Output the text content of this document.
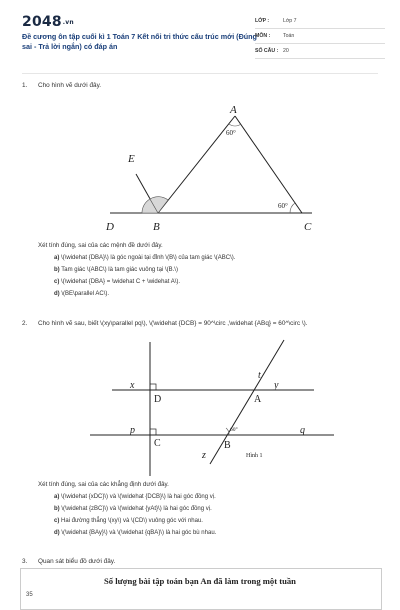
$2048^{.vn}$
Đề cương ôn tập cuối kì 1 Toán 7 Kết nối tri thức cấu trúc mới (Đúng sai - Trả lời ngắn) có đáp án
LỚP :	Lớp 7
MÔN :	Toán
SỐ CÂU : 20
1. Cho hình vẽ dưới đây.
A
E
D	B	C
60°
60°
Xét tính đúng, sai của các mệnh đề dưới đây.
a) \(\widehat {DBA}\) là góc ngoài tại đỉnh \(B\) của tam giác \(ABC\).
b) Tam giác \(ABC\) là tam giác vuông tại \(B.\)
c) \(\widehat {DBA} = \widehat C + \widehat A\).
d) \(BE\parallel AC\).
2. Cho hình vẽ sau, biết \(xy\parallel pq\), \(\widehat {DCB} = 90^\circ ,\widehat {ABq} = 60^\circ \).
x	y
t
D	A
p	q
C	B
z
60°
Hình 1
Xét tính đúng, sai của các khẳng định dưới đây.
a) \(\widehat {xDC}\) và \(\widehat {DCB}\) là hai góc đồng vị.
b) \(\widehat {zBC}\) và \(\widehat {yAt}\) là hai góc đồng vị.
c) Hai đường thẳng \(xy\) và \(CD\) vuông góc với nhau.
d) \(\widehat {BAy}\) và \(\widehat {qBA}\) là hai góc bù nhau.
3. Quan sát biểu đồ dưới đây.
Số lượng bài tập toán bạn An đã làm trong một tuần
35
